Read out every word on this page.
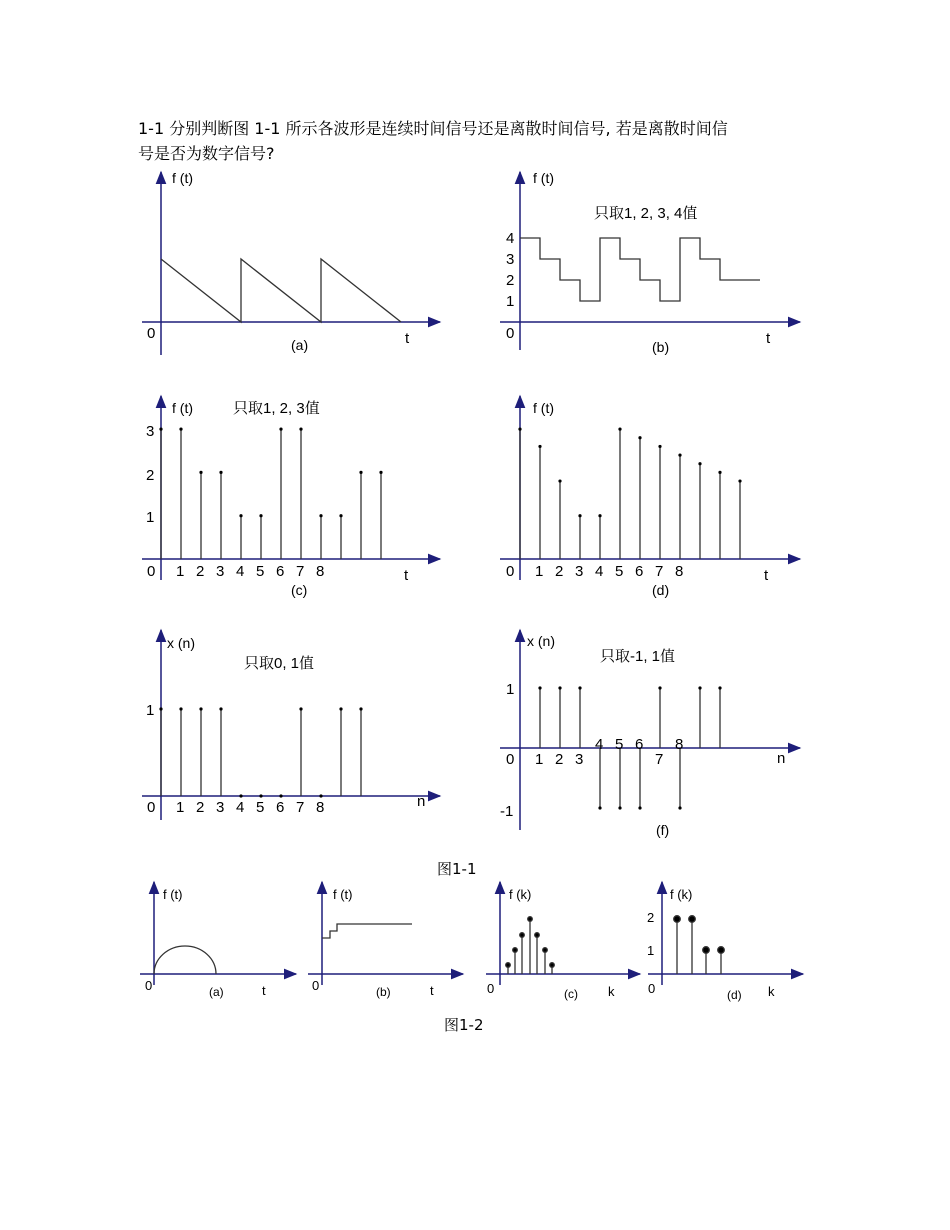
1-1 分别判断图 1-1 所示各波形是连续时间信号还是离散时间信号, 若是离散时间信
号是否为数字信号?
f (t)
0	t
(a)
f (t)
只取1, 2, 3, 4值
4
3
2
1
0	t
(b)
f (t)	只取1, 2, 3值
3
2
1
0 1 2 3 4 5 6 7 8	t
(c)
f (t)
0 1 2 3 4 5 6 7 8	t
(d)
x (n)
只取0, 1值
1
0 1 2 3 4 5 6 7 8	n
x (n)
只取-1, 1值
1
-1
0 1 2 3	7
4 5 6 8
n
(f)
f (t)
0	t
(a)
f (t)
0	t
(b)
f (k)
0	k
(c)
f (k)
2
1
0	k
(d)
图1-1
图1-2
